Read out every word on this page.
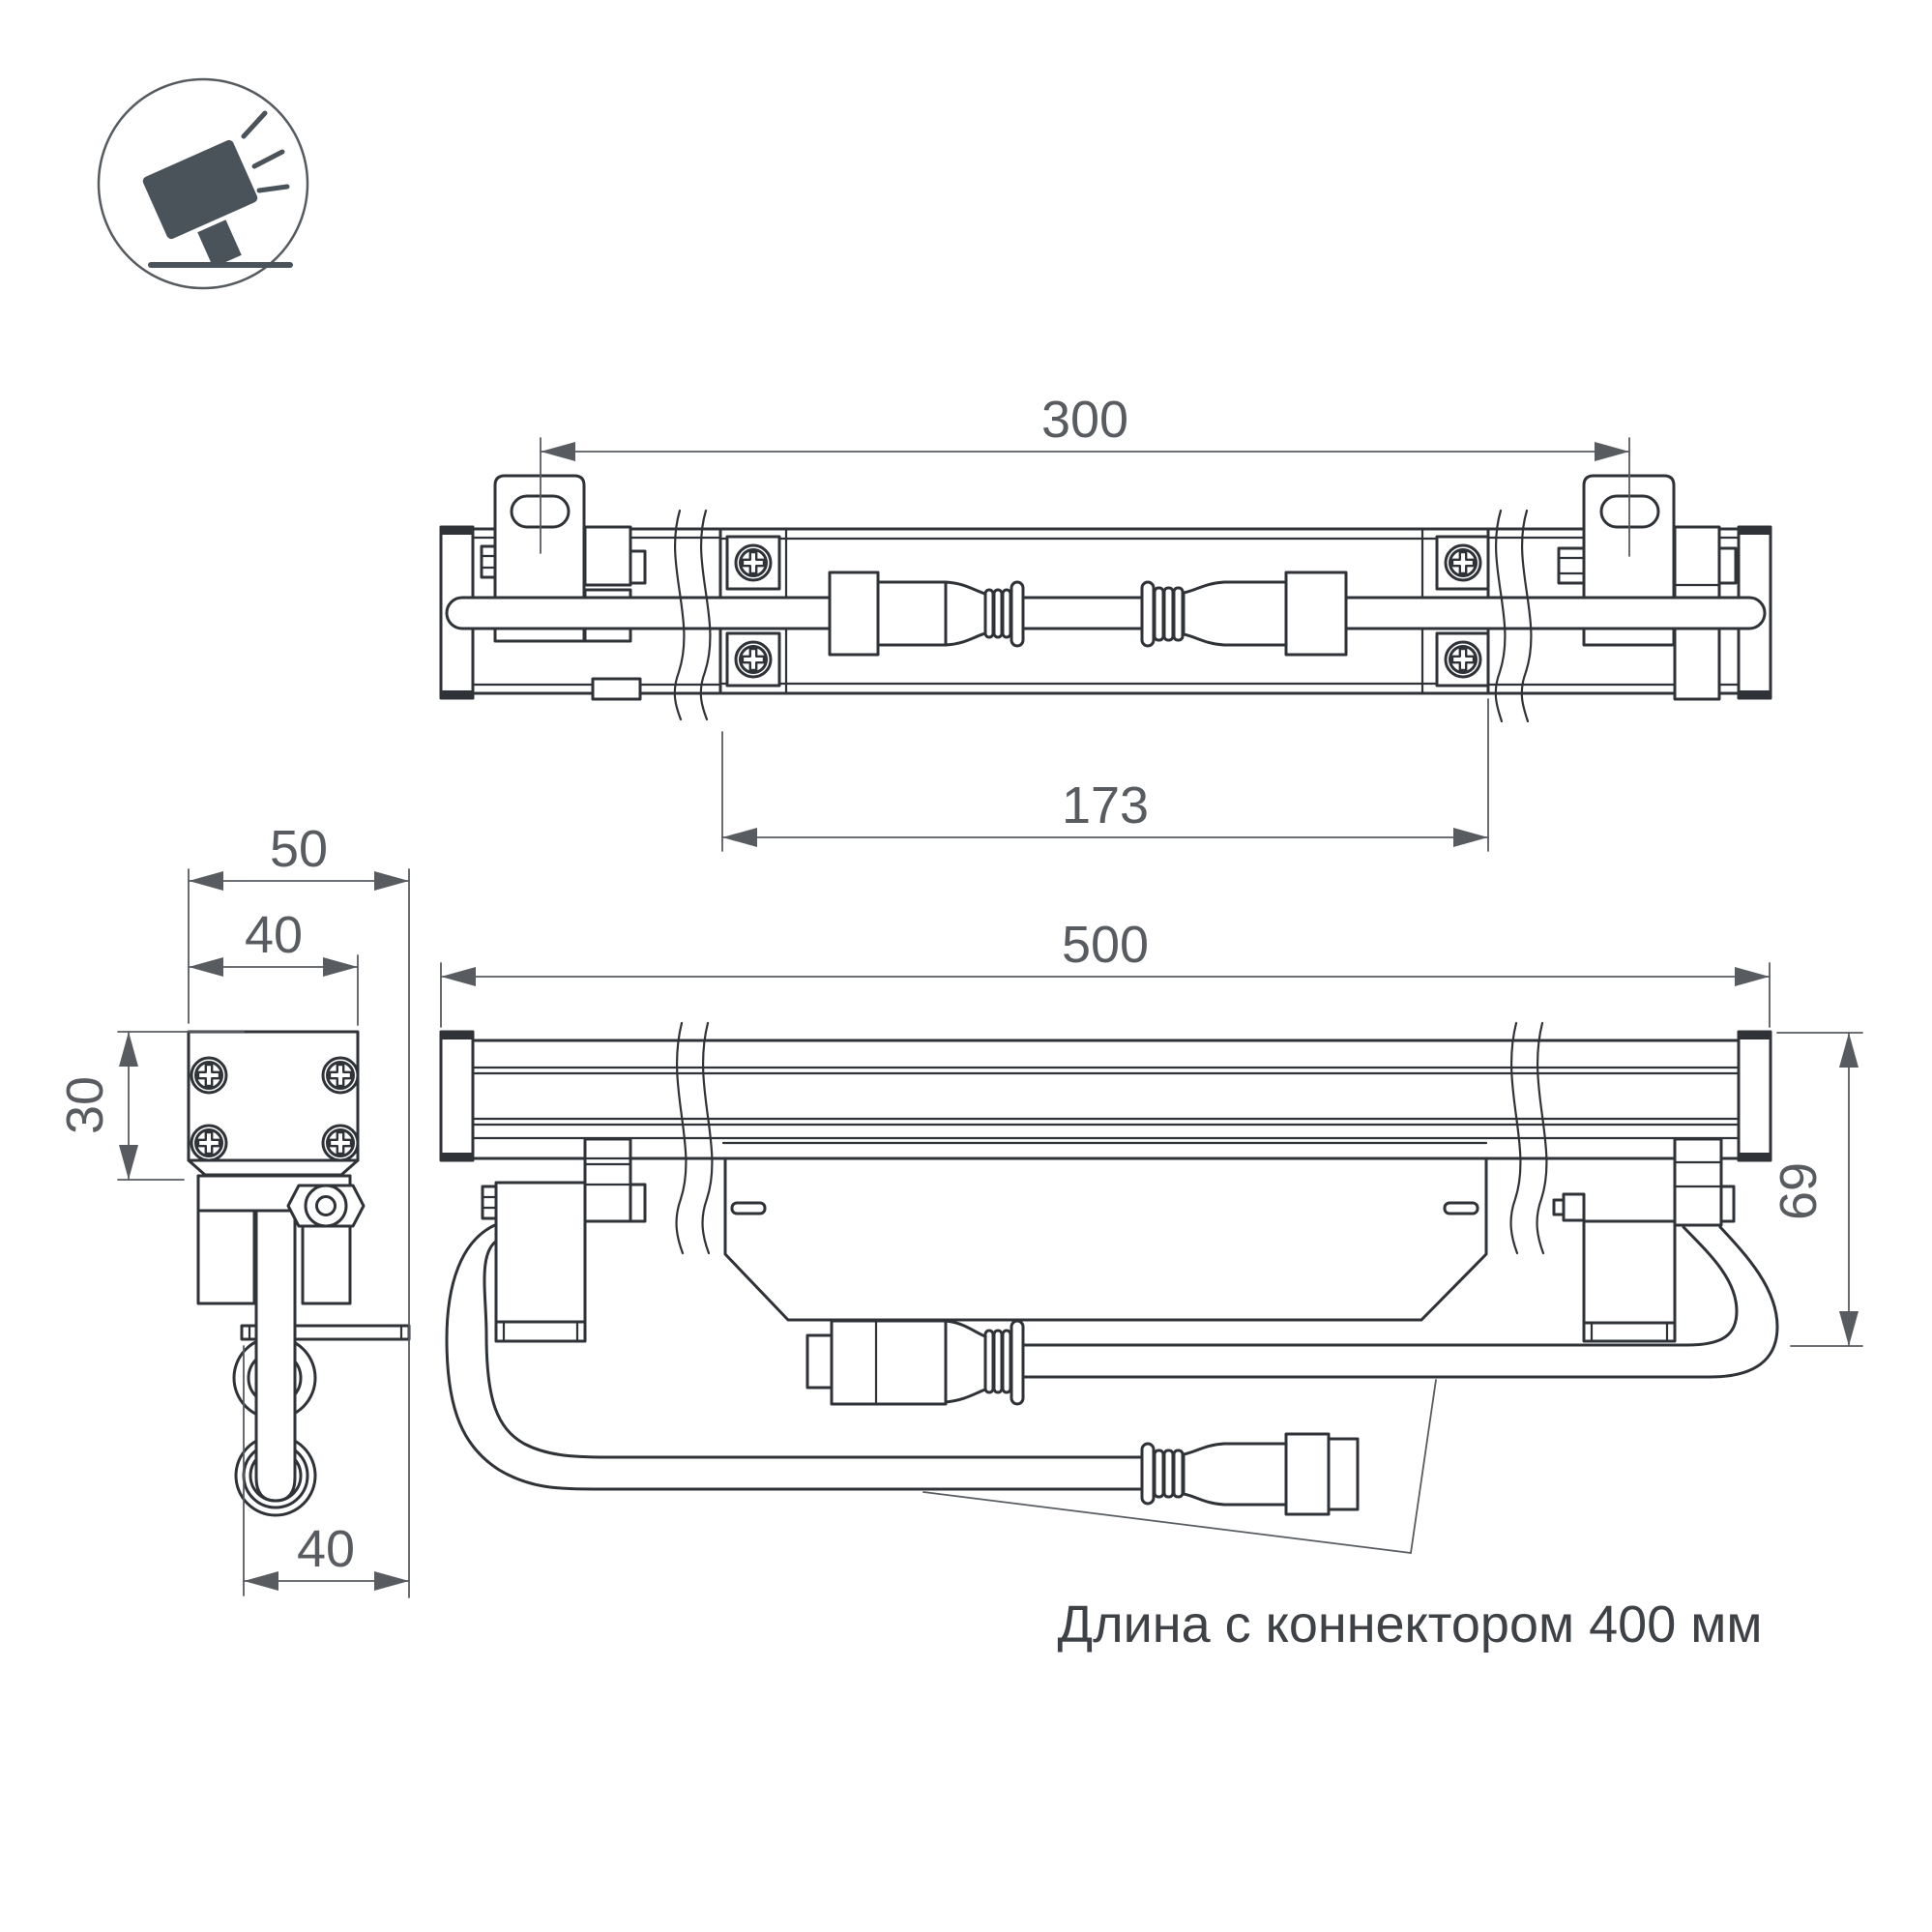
300
173
500
69
Длина с коннектором 400 мм
50
40
30
40
